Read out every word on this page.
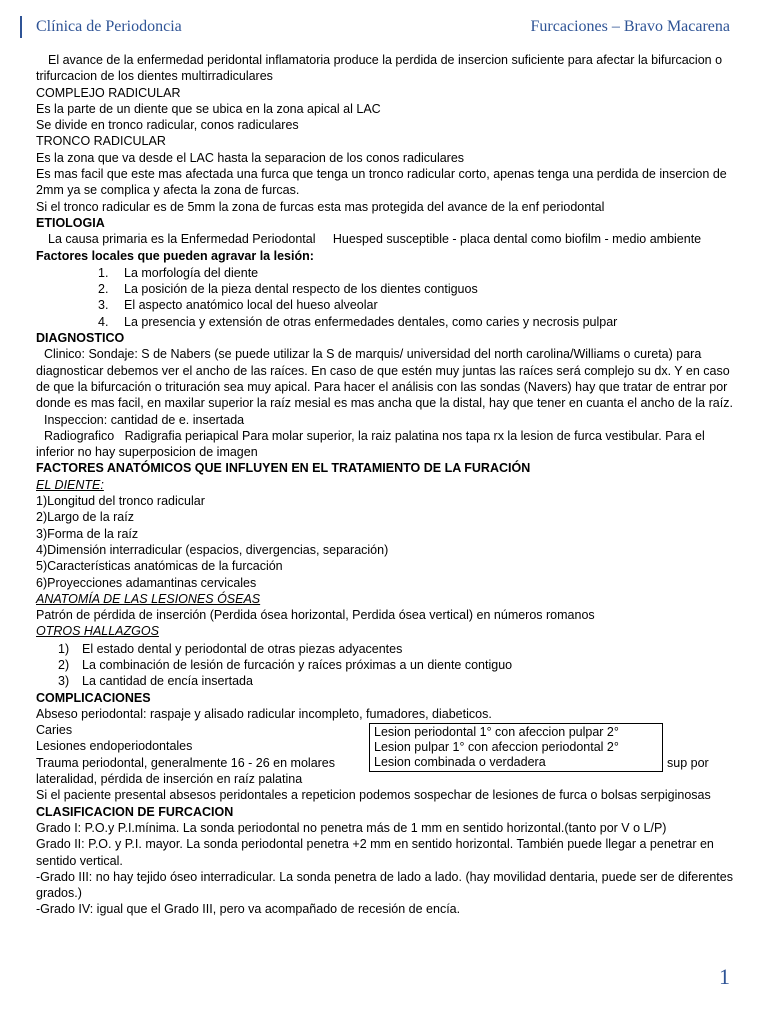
Clínica de Periodoncia	Furcaciones – Bravo Macarena

El avance de la enfermedad peridontal inflamatoria produce la perdida de insercion suficiente para afectar la bifurcacion o trifurcacion de los dientes multirradiculares

COMPLEJO RADICULAR

Es la parte de un diente que se ubica en la zona apical al LAC

Se divide en tronco radicular, conos radiculares

TRONCO RADICULAR

Es la zona que va desde el LAC hasta la separacion de los conos radiculares

Es mas facil que este mas afectada una furca que tenga un tronco radicular corto, apenas tenga una perdida de insercion de 2mm ya se complica y afecta la zona de furcas.

Si el tronco radicular es de 5mm la zona de furcas esta mas protegida del avance de la enf periodontal

ETIOLOGIA

La causa primaria es la Enfermedad Periodontal     Huesped susceptible - placa dental como biofilm - medio ambiente

Factores locales que pueden agravar la lesión:

1.	La morfología del diente
2.	La posición de la pieza dental respecto de los dientes contiguos
3.	El aspecto anatómico local del hueso alveolar
4.	La presencia y extensión de otras enfermedades dentales, como caries y necrosis pulpar

DIAGNOSTICO

Clinico: Sondaje: S de Nabers (se puede utilizar la S de marquis/ universidad del north carolina/Williams o cureta) para diagnosticar debemos ver el ancho de las raíces. En caso de que estén muy juntas las raíces será complejo su dx. Y en caso de que la bifurcación o trituración sea muy apical. Para hacer el análisis con las sondas (Navers) hay que tratar de entrar por donde es mas facil, en maxilar superior la raíz mesial es mas ancha que la distal, hay que tener en cuanta el ancho de la raíz.

Inspeccion: cantidad de e. insertada

Radiografico   Radigrafia periapical Para molar superior, la raiz palatina nos tapa rx la lesion de furca vestibular. Para el inferior no hay superposicion de imagen

FACTORES ANATÓMICOS QUE INFLUYEN EN EL TRATAMIENTO DE LA FURACIÓN

EL DIENTE:

1)Longitud del tronco radicular

2)Largo de la raíz

3)Forma de la raíz

4)Dimensión interradicular (espacios, divergencias, separación)

5)Características anatómicas de la furcación

6)Proyecciones adamantinas cervicales

ANATOMÍA DE LAS LESIONES ÓSEAS

Patrón de pérdida de inserción (Perdida ósea horizontal, Perdida ósea vertical) en números romanos

OTROS HALLAZGOS

1)	El estado dental y periodontal de otras piezas adyacentes
2)	La combinación de lesión de furcación y raíces próximas a un diente contiguo
3)	La cantidad de encía insertada

COMPLICACIONES

Abseso periodontal: raspaje y alisado radicular incompleto, fumadores, diabeticos.

Caries

Lesiones endoperiodontales

Trauma periodontal, generalmente 16 - 26 en molares

lateralidad, pérdida de inserción en raíz palatina

Lesion periodontal 1° con afeccion pulpar 2°

Lesion pulpar 1° con afeccion periodontal 2°

Lesion combinada o verdadera	sup por

Si el paciente presental absesos peridontales a repeticion podemos sospechar de lesiones de furca o bolsas serpiginosas

CLASIFICACION DE FURCACION

Grado I: P.O.y P.I.mínima. La sonda periodontal no penetra más de 1 mm en sentido horizontal.(tanto por V o L/P)

Grado II: P.O. y P.I. mayor. La sonda periodontal penetra +2 mm en sentido horizontal. También puede llegar a penetrar en sentido vertical.

-Grado III: no hay tejido óseo interradicular. La sonda penetra de lado a lado. (hay movilidad dentaria, puede ser de diferentes grados.)

-Grado IV: igual que el Grado III, pero va acompañado de recesión de encía.

1
